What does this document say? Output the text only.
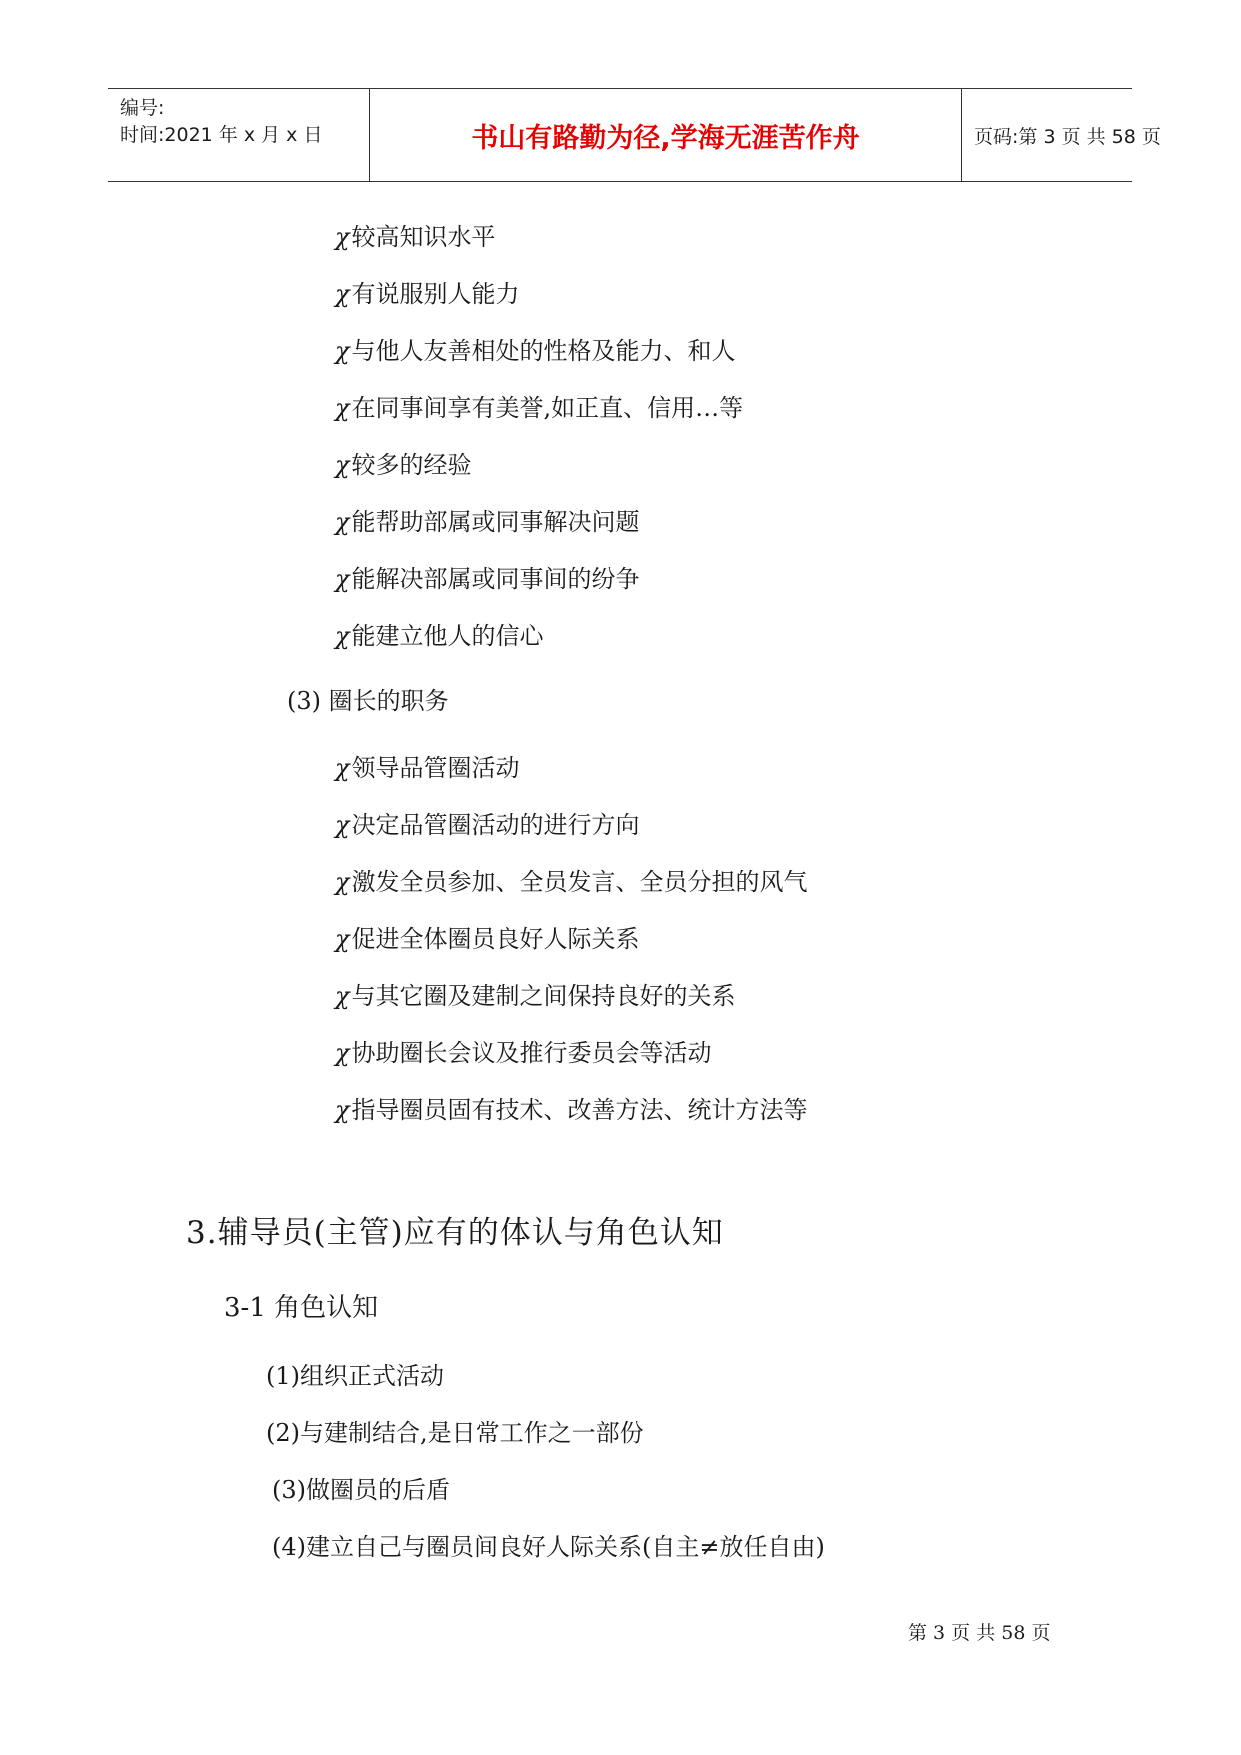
编号:
时间:2021 年 x 月 x 日	书山有路勤为径,学海无涯苦作舟	页码:第 3 页 共 58 页
χ较高知识水平
χ有说服别人能力
χ与他人友善相处的性格及能力、和人
χ在同事间享有美誉,如正直、信用…等
χ较多的经验
χ能帮助部属或同事解决问题
χ能解决部属或同事间的纷争
χ能建立他人的信心
(3) 圈长的职务
χ领导品管圈活动
χ决定品管圈活动的进行方向
χ激发全员参加、全员发言、全员分担的风气
χ促进全体圈员良好人际关系
χ与其它圈及建制之间保持良好的关系
χ协助圈长会议及推行委员会等活动
χ指导圈员固有技术、改善方法、统计方法等
3.辅导员(主管)应有的体认与角色认知
3-1 角色认知
(1)组织正式活动
(2)与建制结合,是日常工作之一部份
(3)做圈员的后盾
(4)建立自己与圈员间良好人际关系(自主≠放任自由)
第 3 页 共 58 页
